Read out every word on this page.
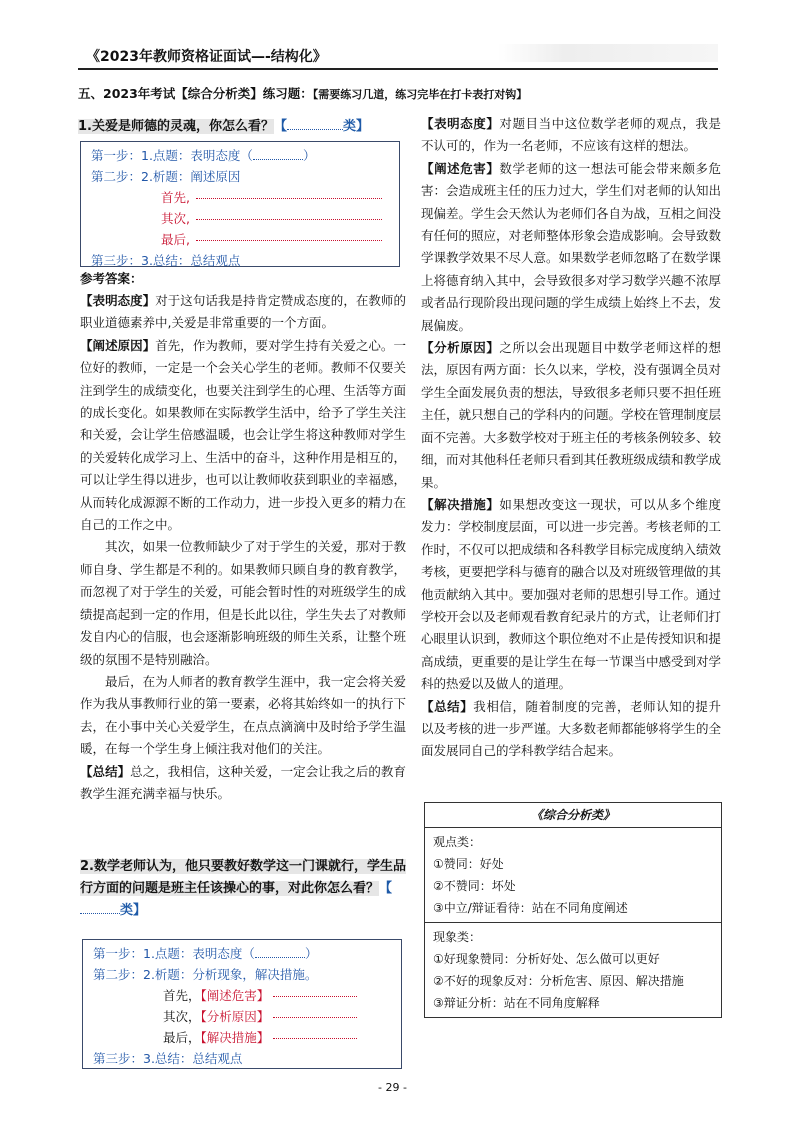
★
《2023年教师资格证面试—-结构化》
五、2023年考试【综合分析类】练习题：【需要练习几道，练习完毕在打卡表打对钩】
1.关爱是师德的灵魂，你怎么看？【	类】
第一步：1.点题：表明态度（	）
第二步：2.析题：阐述原因
首先,
其次,
最后,
第三步：3.总结：总结观点
参考答案：

【表明态度】对于这句话我是持肯定赞成态度的，在教师的职业道德素养中,关爱是非常重要的一个方面。

【阐述原因】首先，作为教师，要对学生持有关爱之心。一位好的教师，一定是一个会关心学生的老师。教师不仅要关注到学生的成绩变化，也要关注到学生的心理、生活等方面的成长变化。如果教师在实际教学生活中，给予了学生关注和关爱，会让学生倍感温暖，也会让学生将这种教师对学生的关爱转化成学习上、生活中的奋斗，这种作用是相互的，可以让学生得以进步，也可以让教师收获到职业的幸福感，从而转化成源源不断的工作动力，进一步投入更多的精力在自己的工作之中。

其次，如果一位教师缺少了对于学生的关爱，那对于教师自身、学生都是不利的。如果教师只顾自身的教育教学，而忽视了对于学生的关爱，可能会暂时性的对班级学生的成绩提高起到一定的作用，但是长此以往，学生失去了对教师发自内心的信服，也会逐渐影响班级的师生关系，让整个班级的氛围不是特别融洽。

最后，在为人师者的教育教学生涯中，我一定会将关爱作为我从事教师行业的第一要素，必将其始终如一的执行下去，在小事中关心关爱学生，在点点滴滴中及时给予学生温暖，在每一个学生身上倾注我对他们的关注。

【总结】总之，我相信，这种关爱，一定会让我之后的教育教学生涯充满幸福与快乐。

2.数学老师认为，他只要教好数学这一门课就行，学生品行方面的问题是班主任该操心的事，对此你怎么看？【类】
第一步：1.点题：表明态度（	）
第二步：2.析题：分析现象，解决措施。
首先，【阐述危害】
其次，【分析原因】
最后，【解决措施】
第三步：3.总结：总结观点

【表明态度】对题目当中这位数学老师的观点，我是不认可的，作为一名老师，不应该有这样的想法。

【阐述危害】数学老师的这一想法可能会带来颇多危害：会造成班主任的压力过大，学生们对老师的认知出现偏差。学生会天然认为老师们各自为战，互相之间没有任何的照应，对老师整体形象会造成影响。会导致数学课教学效果不尽人意。如果数学老师忽略了在数学课上将德育纳入其中，会导致很多对学习数学兴趣不浓厚或者品行现阶段出现问题的学生成绩上始终上不去，发展偏废。

【分析原因】之所以会出现题目中数学老师这样的想法，原因有两方面：长久以来，学校，没有强调全员对学生全面发展负责的想法，导致很多老师只要不担任班主任，就只想自己的学科内的问题。学校在管理制度层面不完善。大多数学校对于班主任的考核条例较多、较细，而对其他科任老师只看到其任教班级成绩和教学成果。

【解决措施】如果想改变这一现状，可以从多个维度发力：学校制度层面，可以进一步完善。考核老师的工作时，不仅可以把成绩和各科教学目标完成度纳入绩效考核，更要把学科与德育的融合以及对班级管理做的其他贡献纳入其中。要加强对老师的思想引导工作。通过学校开会以及老师观看教育纪录片的方式，让老师们打心眼里认识到，教师这个职位绝对不止是传授知识和提高成绩，更重要的是让学生在每一节课当中感受到对学科的热爱以及做人的道理。

【总结】我相信，随着制度的完善，老师认知的提升以及考核的进一步严谨。大多数老师都能够将学生的全面发展同自己的学科教学结合起来。

《综合分析类》
观点类：
①赞同：好处
②不赞同：坏处
③中立/辩证看待：站在不同角度阐述
现象类：
①好现象赞同：分析好处、怎么做可以更好
②不好的现象反对：分析危害、原因、解决措施
③辩证分析：站在不同角度解释
- 29 -
